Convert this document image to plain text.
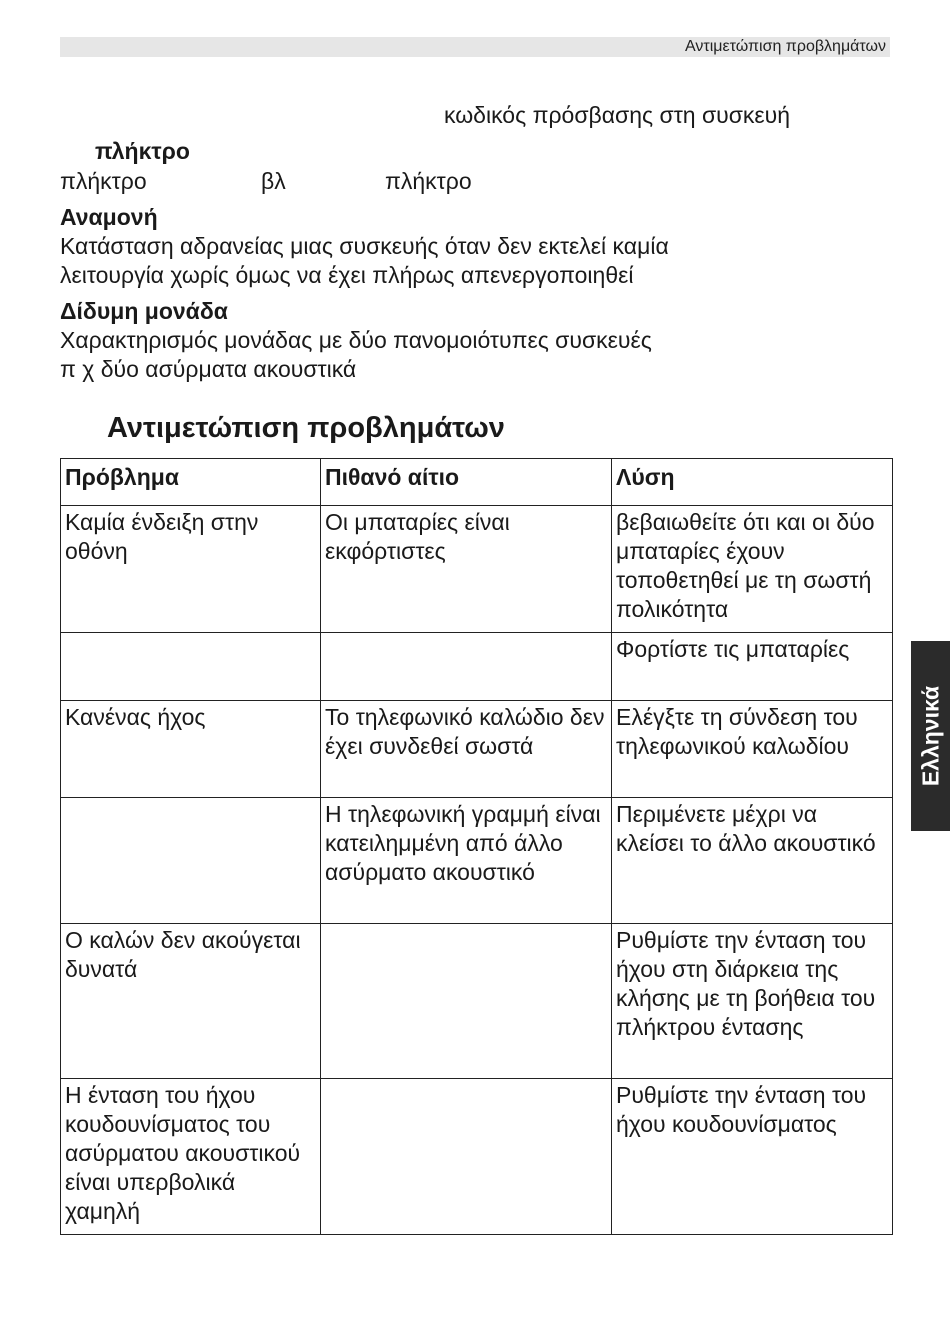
Αντιμετώπιση προβλημάτων
κωδικός πρόσβασης στη συσκευή
πλήκτρο
πλήκτρο	βλ	πλήκτρο
Αναμονή
Κατάσταση αδρανείας μιας συσκευής όταν δεν εκτελεί καμία
λειτουργία χωρίς όμως να έχει πλήρως απενεργοποιηθεί
Δίδυμη μονάδα
Χαρακτηρισμός μονάδας με δύο πανομοιότυπες συσκευές
π χ δύο ασύρματα ακουστικά
Αντιμετώπιση προβλημάτων
Πρόβλημα	Πιθανό αίτιο	Λύση
Καμία ένδειξη στην οθόνη	Οι μπαταρίες είναι εκφόρτιστες	βεβαιωθείτε ότι και οι δύο μπαταρίες έχουν τοποθετηθεί με τη σωστή πολικότητα
		Φορτίστε τις μπαταρίες
Κανένας ήχος	Το τηλεφωνικό καλώδιο δεν έχει συνδεθεί σωστά	Ελέγξτε τη σύνδεση του τηλεφωνικού καλωδίου
	Η τηλεφωνική γραμμή είναι κατειλημμένη από άλλο ασύρματο ακουστικό	Περιμένετε μέχρι να κλείσει το άλλο ακουστικό
Ο καλών δεν ακούγεται δυνατά		Ρυθμίστε την ένταση του ήχου στη διάρκεια της κλήσης με τη βοήθεια του πλήκτρου έντασης
Η ένταση του ήχου κουδουνίσματος του ασύρματου ακουστικού είναι υπερβολικά χαμηλή		Ρυθμίστε την ένταση του ήχου κουδουνίσματος
Ελληνικά
